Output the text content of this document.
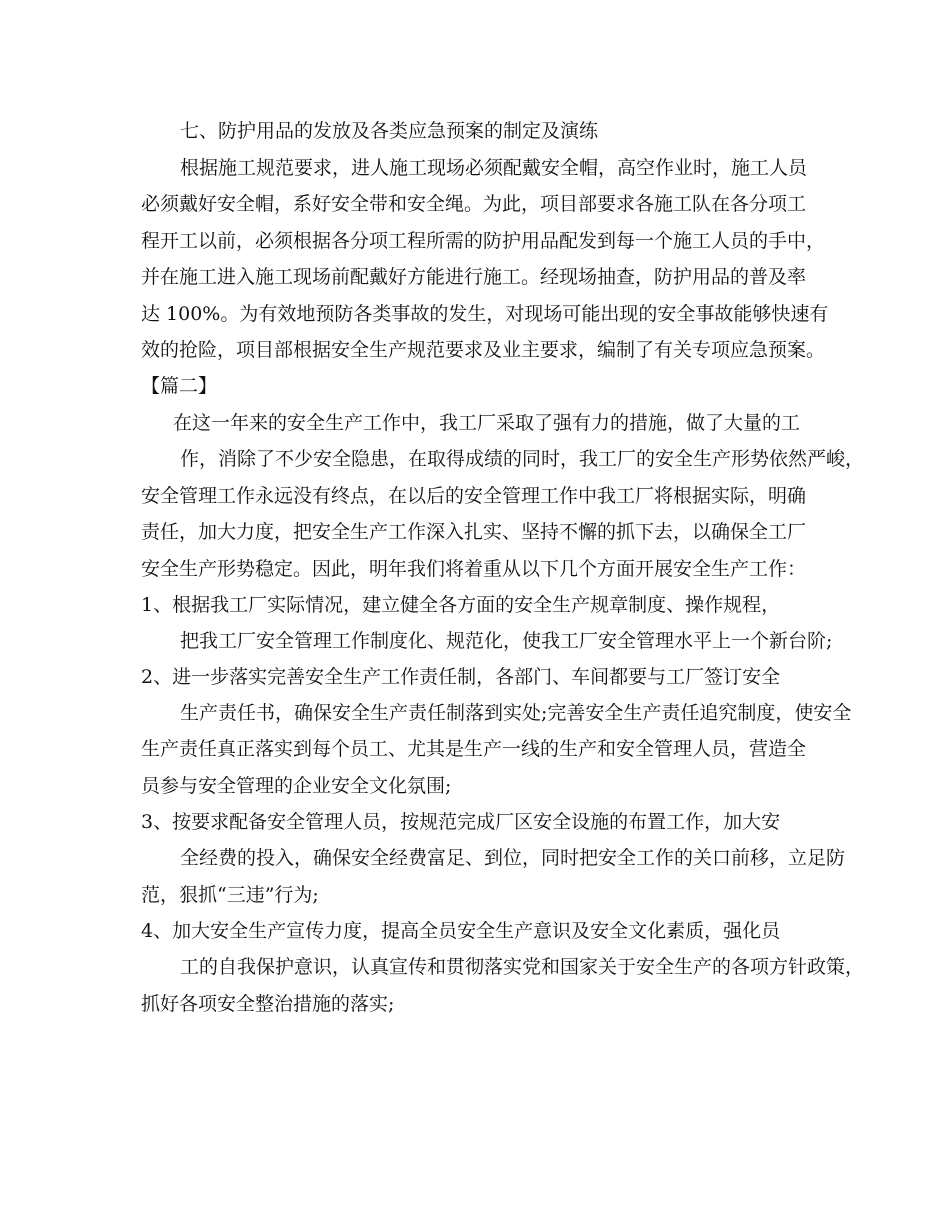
七、防护用品的发放及各类应急预案的制定及演练
根据施工规范要求，进人施工现场必须配戴安全帽，高空作业时，施工人员
必须戴好安全帽，系好安全带和安全绳。为此，项目部要求各施工队在各分项工
程开工以前，必须根据各分项工程所需的防护用品配发到每一个施工人员的手中，
并在施工进入施工现场前配戴好方能进行施工。经现场抽查，防护用品的普及率
达 100%。为有效地预防各类事故的发生，对现场可能出现的安全事故能够快速有
效的抢险，项目部根据安全生产规范要求及业主要求，编制了有关专项应急预案。
【篇二】
在这一年来的安全生产工作中，我工厂采取了强有力的措施，做了大量的工
作，消除了不少安全隐患，在取得成绩的同时，我工厂的安全生产形势依然严峻，
安全管理工作永远没有终点，在以后的安全管理工作中我工厂将根据实际，明确
责任，加大力度，把安全生产工作深入扎实、坚持不懈的抓下去，以确保全工厂
安全生产形势稳定。因此，明年我们将着重从以下几个方面开展安全生产工作：
1、根据我工厂实际情况，建立健全各方面的安全生产规章制度、操作规程，
把我工厂安全管理工作制度化、规范化，使我工厂安全管理水平上一个新台阶;
2、进一步落实完善安全生产工作责任制，各部门、车间都要与工厂签订安全
生产责任书，确保安全生产责任制落到实处;完善安全生产责任追究制度，使安全
生产责任真正落实到每个员工、尤其是生产一线的生产和安全管理人员，营造全
员参与安全管理的企业安全文化氛围;
3、按要求配备安全管理人员，按规范完成厂区安全设施的布置工作，加大安
全经费的投入，确保安全经费富足、到位，同时把安全工作的关口前移，立足防
范，狠抓“三违”行为;
4、加大安全生产宣传力度，提高全员安全生产意识及安全文化素质，强化员
工的自我保护意识，认真宣传和贯彻落实党和国家关于安全生产的各项方针政策，
抓好各项安全整治措施的落实;
